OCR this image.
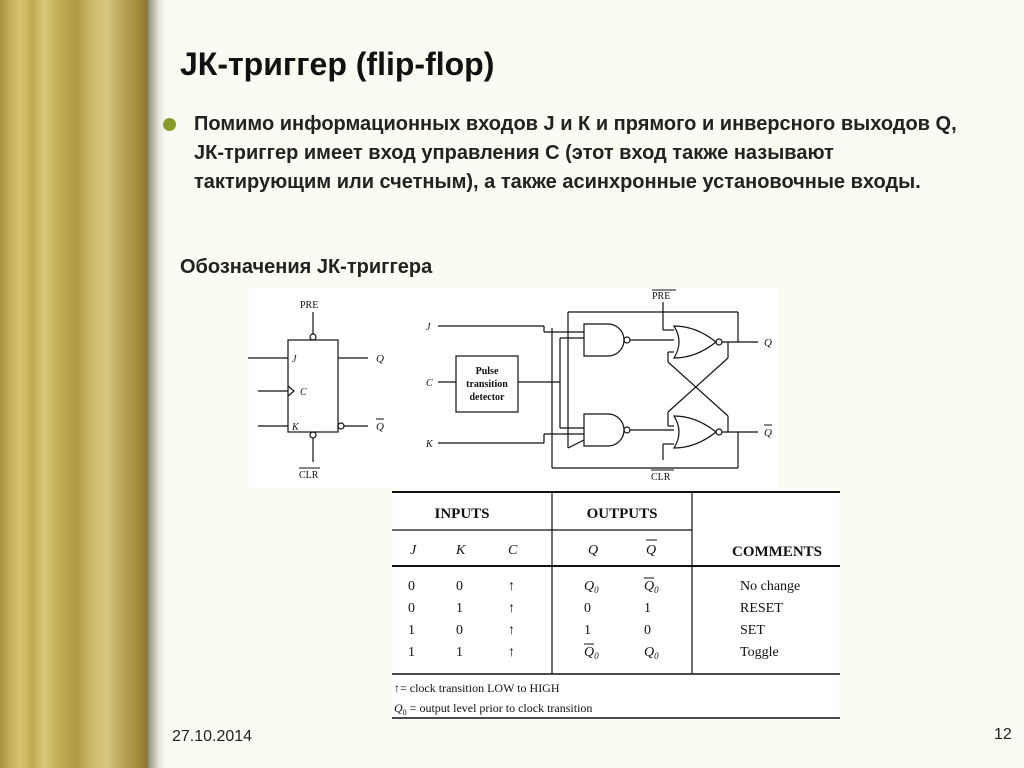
JК-триггер (flip-flop)
Помимо информационных входов J и К и прямого и инверсного выходов Q, JК-триггер имеет вход управления С (этот вход также называют тактирующим или счетным), а также асинхронные установочные входы.
Обозначения JК-триггера
PRE
CLR
J
C
K
Q
Q
J
C
K
PRE
CLR
Q
Q
Pulse
transition
detector
INPUTS	OUTPUTS
COMMENTS
J	K	C	Q	Q
0	0	↑	$Q_0$	$Q_0$	No change
0	1	↑	0	1	RESET
1	0	↑	1	0	SET
1	1	↑	$Q_0$	$Q_0$	Toggle
↑= clock transition LOW to HIGH
$Q_0$ = output level prior to clock transition
27.10.2014	12
